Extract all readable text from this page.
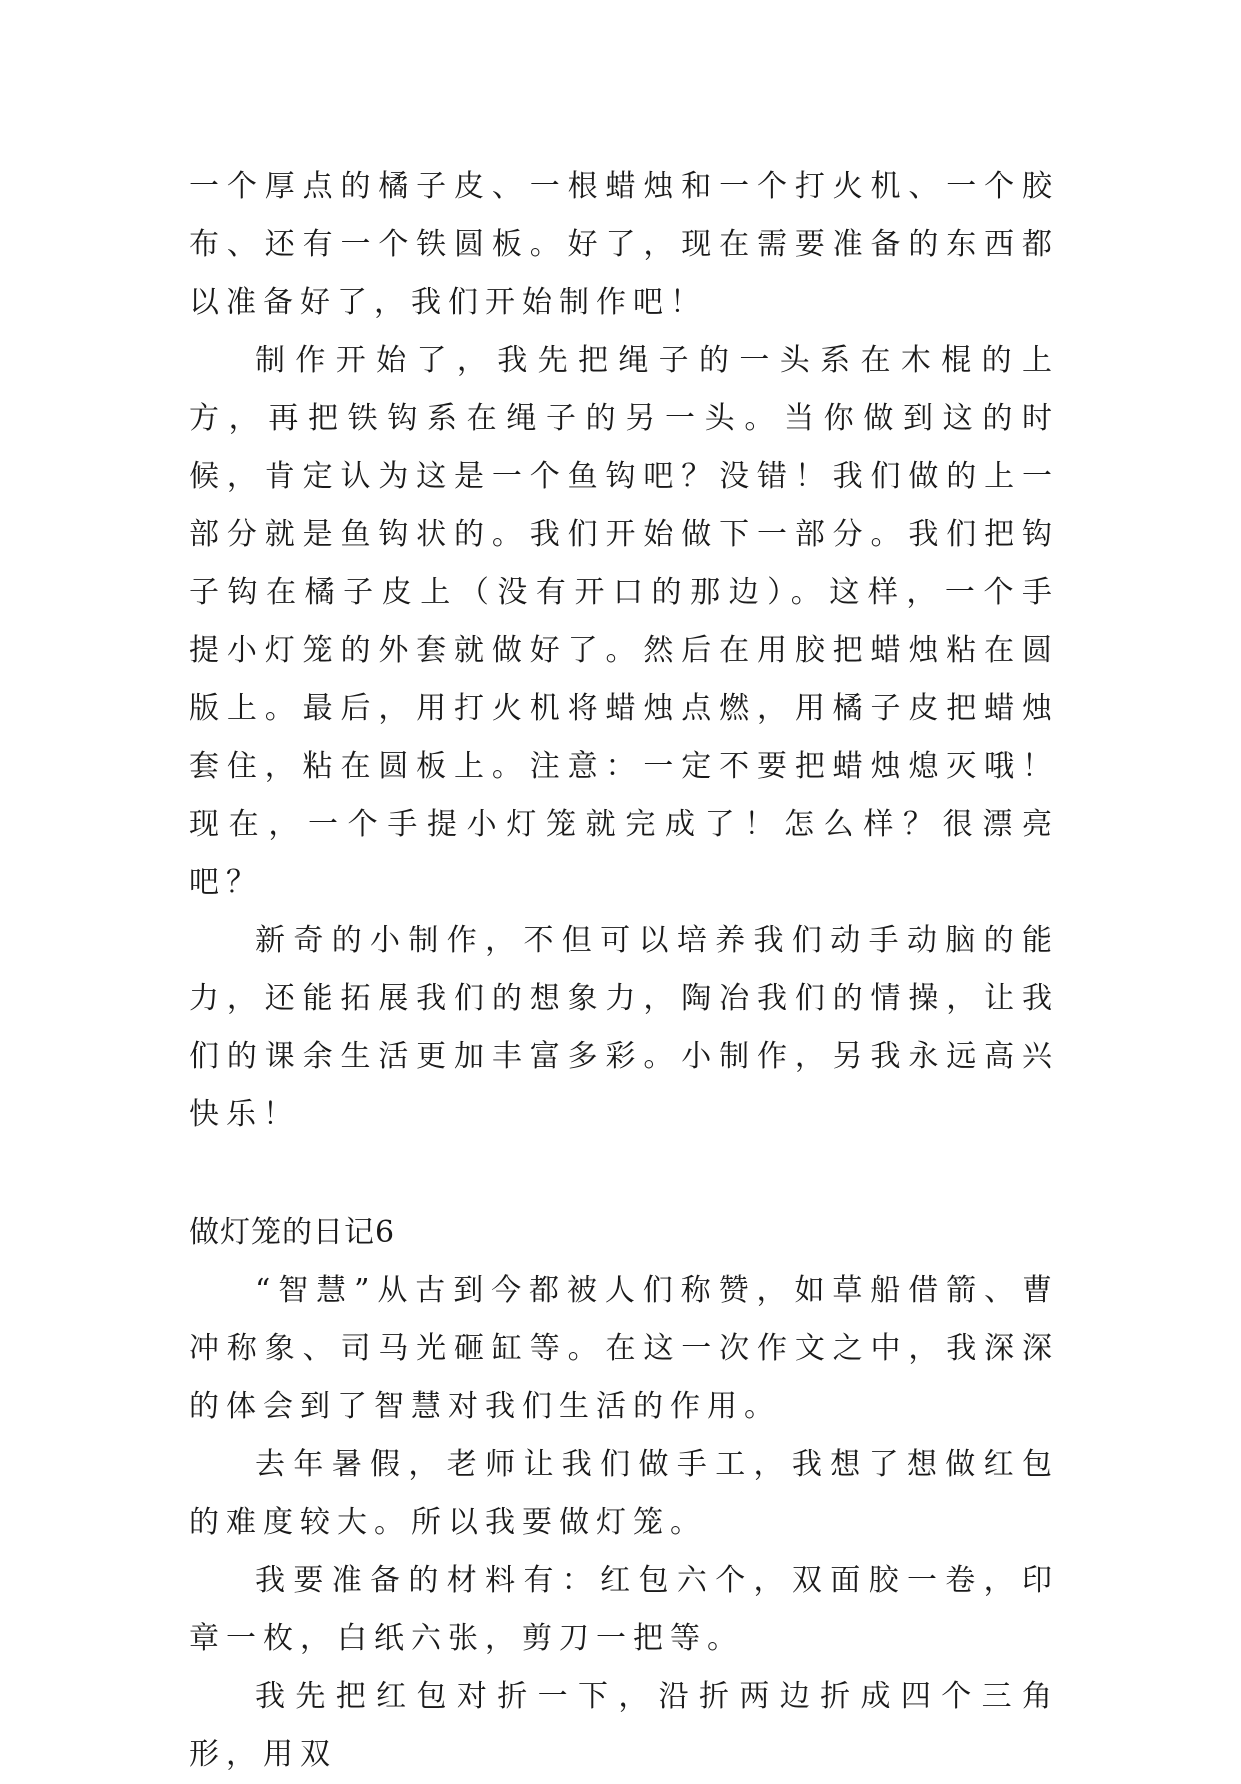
一个厚点的橘子皮、一根蜡烛和一个打火机、一个胶布、还有一个铁圆板。好了，现在需要准备的东西都以准备好了，我们开始制作吧！

制作开始了，我先把绳子的一头系在木棍的上方，再把铁钩系在绳子的另一头。当你做到这的时候，肯定认为这是一个鱼钩吧？没错！我们做的上一部分就是鱼钩状的。我们开始做下一部分。我们把钩子钩在橘子皮上（没有开口的那边）。这样，一个手提小灯笼的外套就做好了。然后在用胶把蜡烛粘在圆版上。最后，用打火机将蜡烛点燃，用橘子皮把蜡烛套住，粘在圆板上。注意：一定不要把蜡烛熄灭哦！现在，一个手提小灯笼就完成了！怎么样？很漂亮吧？

新奇的小制作，不但可以培养我们动手动脑的能力，还能拓展我们的想象力，陶冶我们的情操，让我们的课余生活更加丰富多彩。小制作，另我永远高兴快乐！

做灯笼的日记6

“智慧”从古到今都被人们称赞，如草船借箭、曹冲称象、司马光砸缸等。在这一次作文之中，我深深的体会到了智慧对我们生活的作用。

去年暑假，老师让我们做手工，我想了想做红包的难度较大。所以我要做灯笼。

我要准备的材料有：红包六个，双面胶一卷，印章一枚，白纸六张，剪刀一把等。

我先把红包对折一下，沿折两边折成四个三角形，用双
